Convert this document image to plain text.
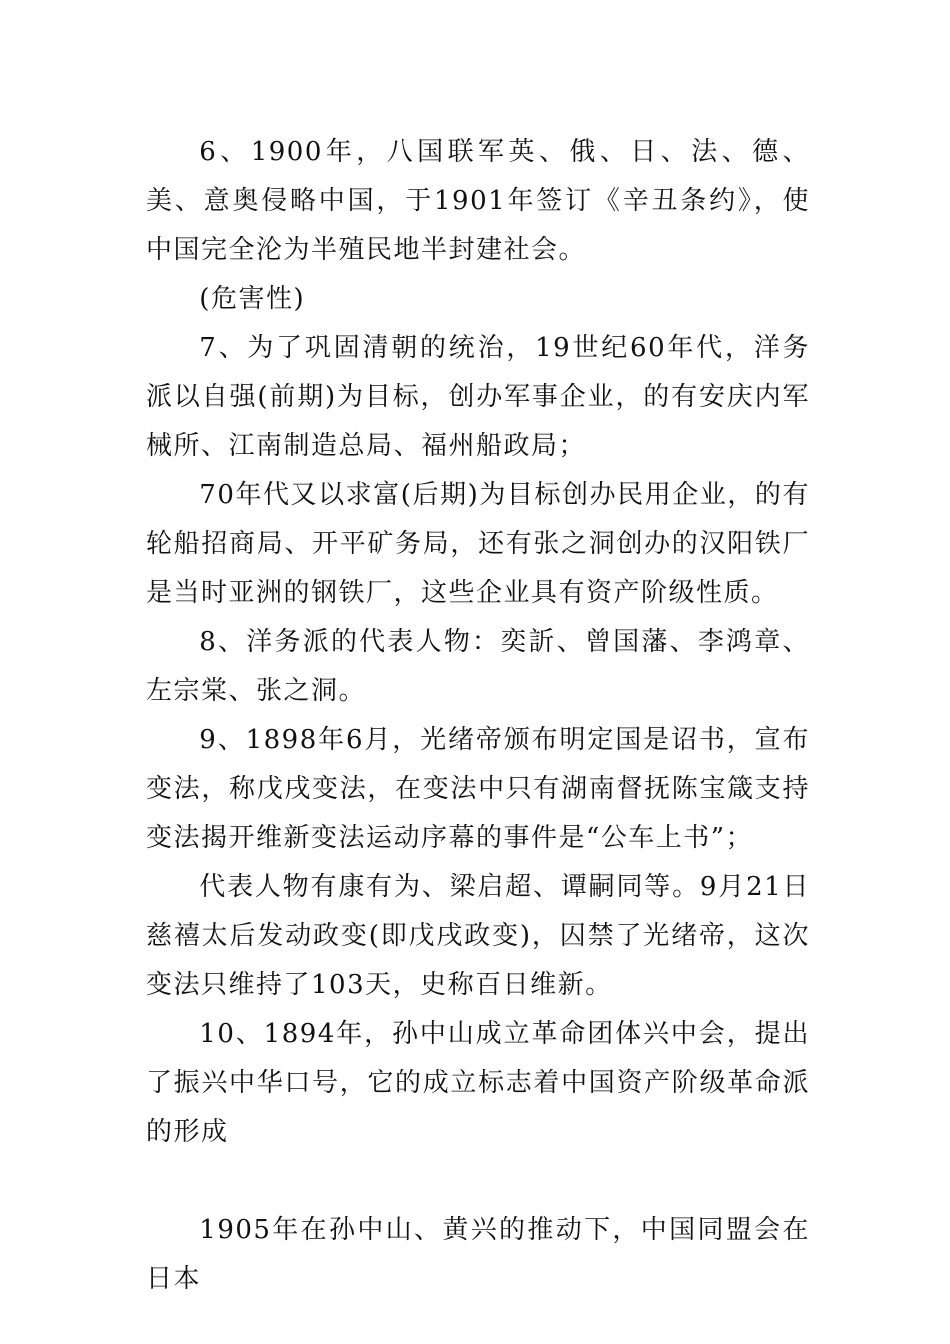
6、1900年，八国联军英、俄、日、法、德、美、意奥侵略中国，于1901年签订《辛丑条约》，使中国完全沦为半殖民地半封建社会。

(危害性)

7、为了巩固清朝的统治，19世纪60年代，洋务派以自强(前期)为目标，创办军事企业，的有安庆内军械所、江南制造总局、福州船政局；

70年代又以求富(后期)为目标创办民用企业，的有轮船招商局、开平矿务局，还有张之洞创办的汉阳铁厂是当时亚洲的钢铁厂，这些企业具有资产阶级性质。

8、洋务派的代表人物：奕訢、曾国藩、李鸿章、左宗棠、张之洞。

9、1898年6月，光绪帝颁布明定国是诏书，宣布变法，称戊戌变法，在变法中只有湖南督抚陈宝箴支持变法揭开维新变法运动序幕的事件是“公车上书”；

代表人物有康有为、梁启超、谭嗣同等。9月21日慈禧太后发动政变(即戊戌政变)，囚禁了光绪帝，这次变法只维持了103天，史称百日维新。

10、1894年，孙中山成立革命团体兴中会，提出了振兴中华口号，它的成立标志着中国资产阶级革命派的形成

1905年在孙中山、黄兴的推动下，中国同盟会在日本
